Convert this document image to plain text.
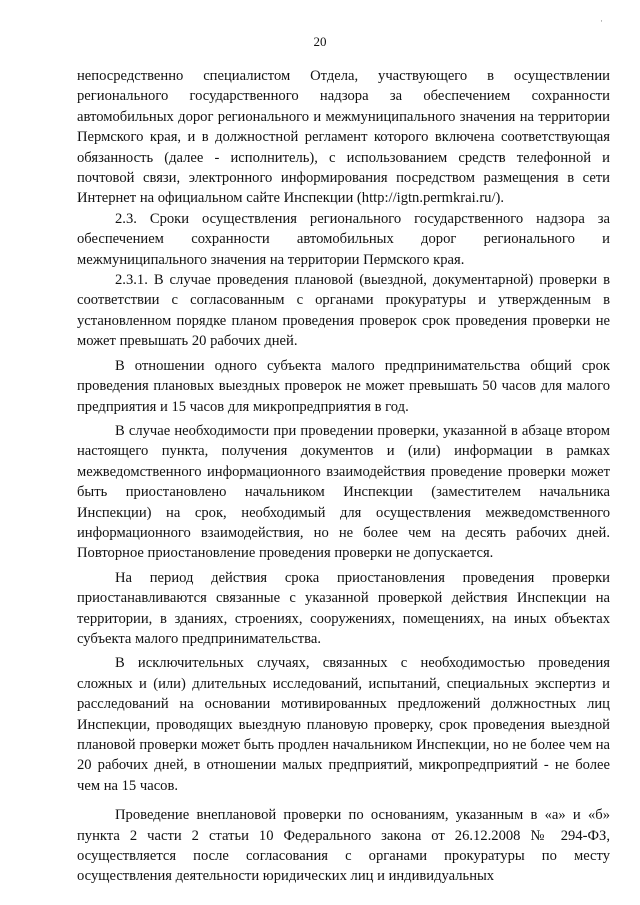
·
20

непосредственно специалистом Отдела, участвующего в осуществлении регионального государственного надзора за обеспечением сохранности автомобильных дорог регионального и межмуниципального значения на территории Пермского края, и в должностной регламент которого включена соответствующая обязанность (далее - исполнитель), с использованием средств телефонной и почтовой связи, электронного информирования посредством размещения в сети Интернет на официальном сайте Инспекции (http://igtn.permkrai.ru/).

2.3. Сроки осуществления регионального государственного надзора за обеспечением сохранности автомобильных дорог регионального и межмуниципального значения на территории Пермского края.

2.3.1. В случае проведения плановой (выездной, документарной) проверки в соответствии с согласованным с органами прокуратуры и утвержденным в установленном порядке планом проведения проверок срок проведения проверки не может превышать 20 рабочих дней.

В отношении одного субъекта малого предпринимательства общий срок проведения плановых выездных проверок не может превышать 50 часов для малого предприятия и 15 часов для микропредприятия в год.

В случае необходимости при проведении проверки, указанной в абзаце втором настоящего пункта, получения документов и (или) информации в рамках межведомственного информационного взаимодействия проведение проверки может быть приостановлено начальником Инспекции (заместителем начальника Инспекции) на срок, необходимый для осуществления межведомственного информационного взаимодействия, но не более чем на десять рабочих дней. Повторное приостановление проведения проверки не допускается.

На период действия срока приостановления проведения проверки приостанавливаются связанные с указанной проверкой действия Инспекции на территории, в зданиях, строениях, сооружениях, помещениях, на иных объектах субъекта малого предпринимательства.

В исключительных случаях, связанных с необходимостью проведения сложных и (или) длительных исследований, испытаний, специальных экспертиз и расследований на основании мотивированных предложений должностных лиц Инспекции, проводящих выездную плановую проверку, срок проведения выездной плановой проверки может быть продлен начальником Инспекции, но не более чем на 20 рабочих дней, в отношении малых предприятий, микропредприятий - не более чем на 15 часов.

Проведение внеплановой проверки по основаниям, указанным в «а» и «б» пункта 2 части 2 статьи 10 Федерального закона от 26.12.2008 № 294-ФЗ, осуществляется после согласования с органами прокуратуры по месту осуществления деятельности юридических лиц и индивидуальных
